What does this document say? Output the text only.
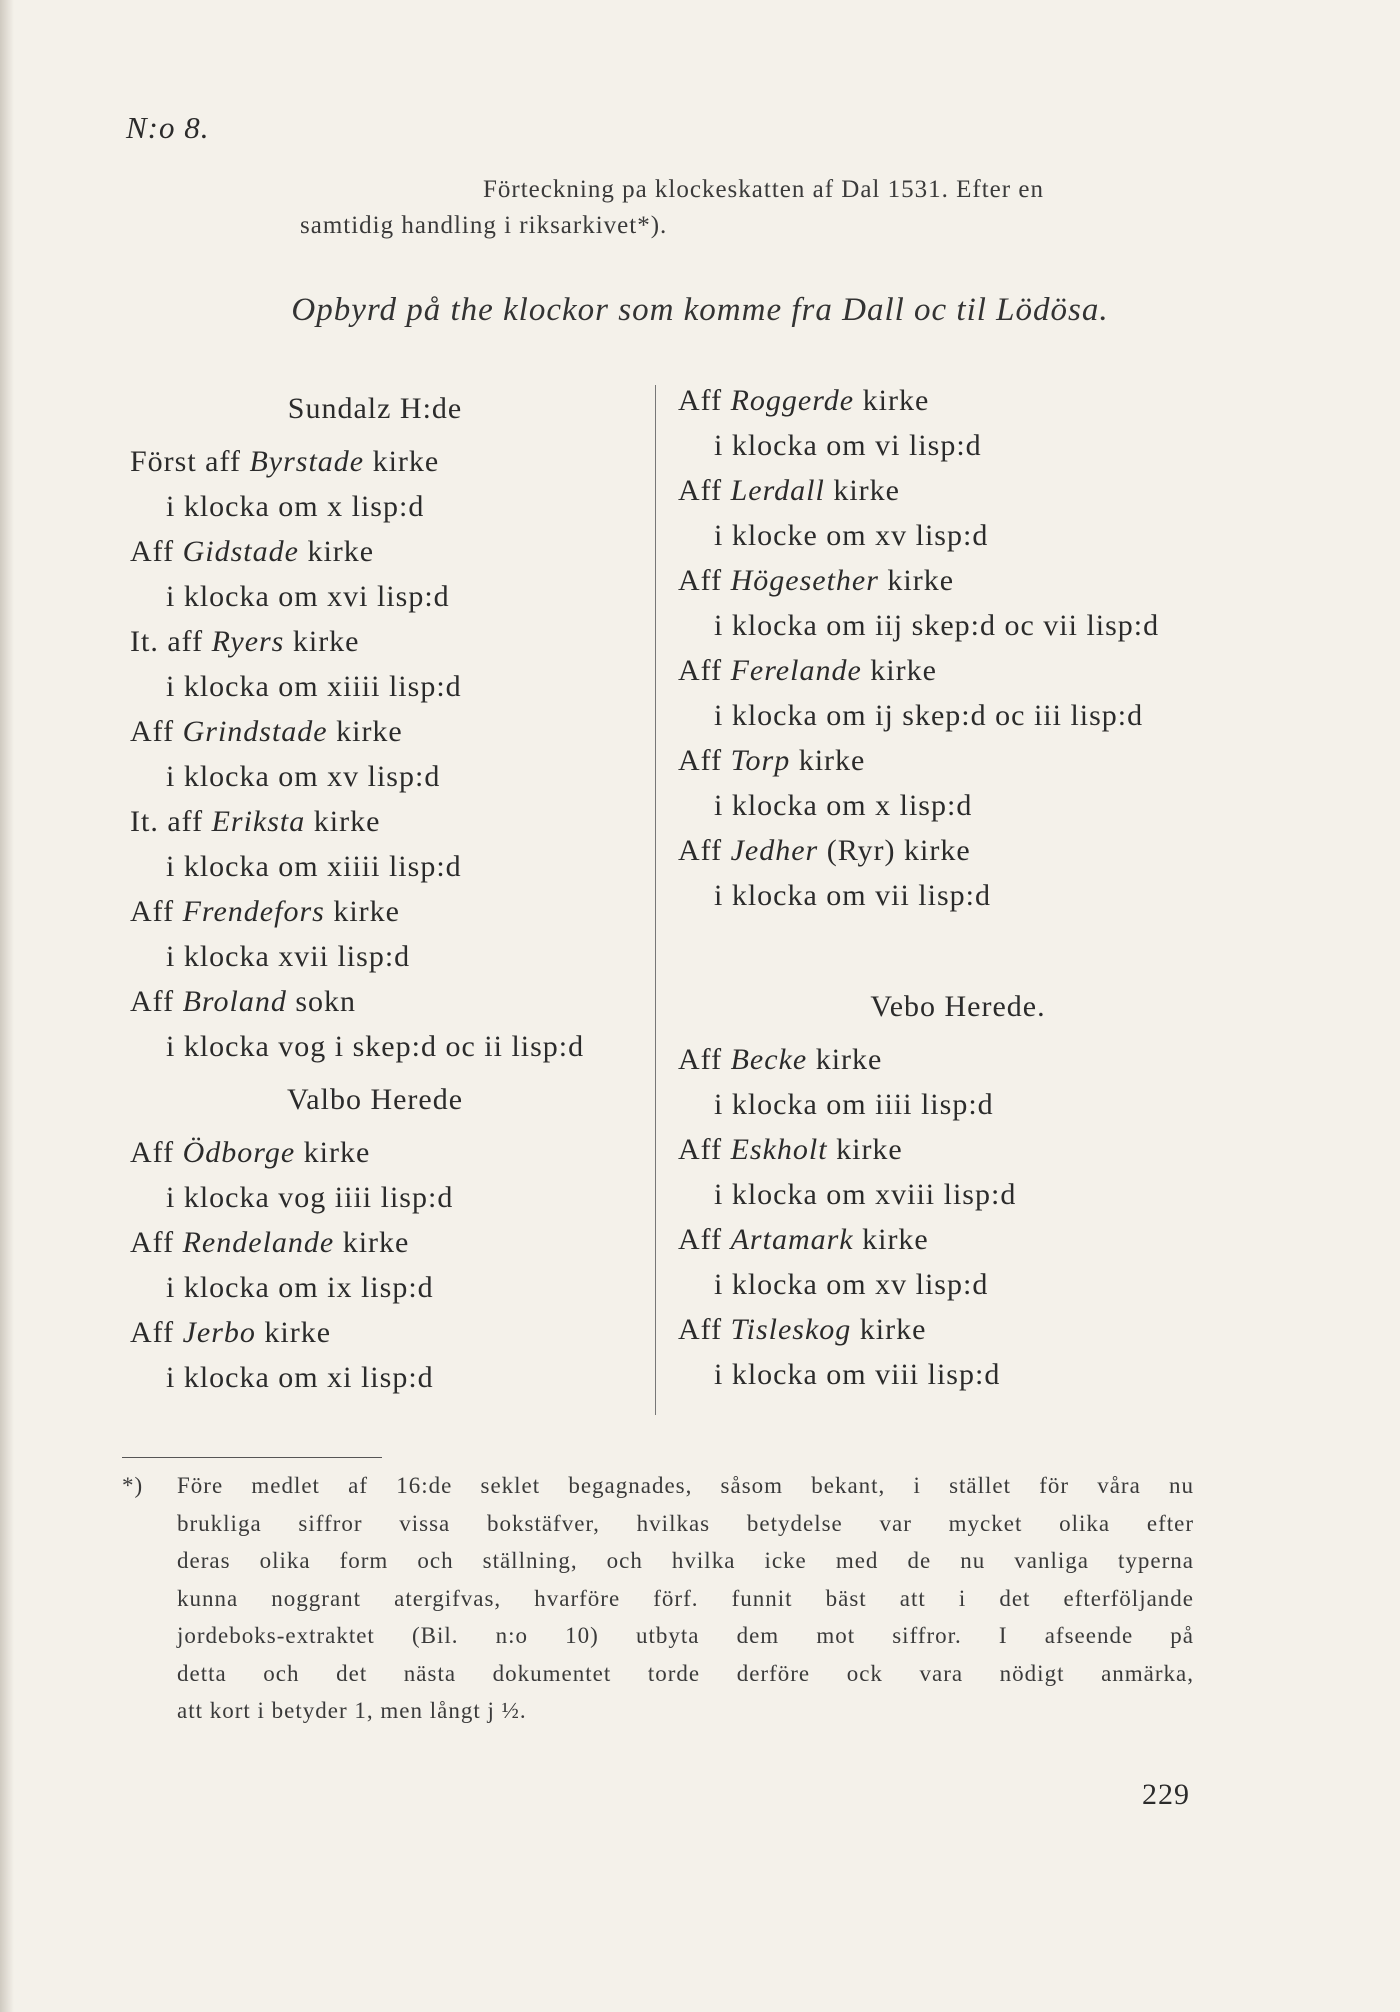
N:o 8.
Förteckning pa klockeskatten af Dal 1531. Efter en
samtidig handling i riksarkivet*).
Opbyrd på the klockor som komme fra Dall oc til Lödösa.
Sundalz H:de
Först aff Byrstade kirke
i klocka om x lisp:d
Aff Gidstade kirke
i klocka om xvi lisp:d
It. aff Ryers kirke
i klocka om xiiii lisp:d
Aff Grindstade kirke
i klocka om xv lisp:d
It. aff Eriksta kirke
i klocka om xiiii lisp:d
Aff Frendefors kirke
i klocka xvii lisp:d
Aff Broland sokn
i klocka vog i skep:d oc ii lisp:d
Valbo Herede
Aff Ödborge kirke
i klocka vog iiii lisp:d
Aff Rendelande kirke
i klocka om ix lisp:d
Aff Jerbo kirke
i klocka om xi lisp:d
Aff Roggerde kirke
i klocka om vi lisp:d
Aff Lerdall kirke
i klocke om xv lisp:d
Aff Högesether kirke
i klocka om iij skep:d oc vii lisp:d
Aff Ferelande kirke
i klocka om ij skep:d oc iii lisp:d
Aff Torp kirke
i klocka om x lisp:d
Aff Jedher (Ryr) kirke
i klocka om vii lisp:d
Vebo Herede.
Aff Becke kirke
i klocka om iiii lisp:d
Aff Eskholt kirke
i klocka om xviii lisp:d
Aff Artamark kirke
i klocka om xv lisp:d
Aff Tisleskog kirke
i klocka om viii lisp:d
*) Före medlet af 16:de seklet begagnades, såsom bekant, i stället för våra nu
brukliga siffror vissa bokstäfver, hvilkas betydelse var mycket olika efter
deras olika form och ställning, och hvilka icke med de nu vanliga typerna
kunna noggrant atergifvas, hvarföre förf. funnit bäst att i det efterföljande
jordeboks-extraktet (Bil. n:o 10) utbyta dem mot siffror. I afseende på
detta och det nästa dokumentet torde derföre ock vara nödigt anmärka,
att kort i betyder 1, men långt j ½.
229
